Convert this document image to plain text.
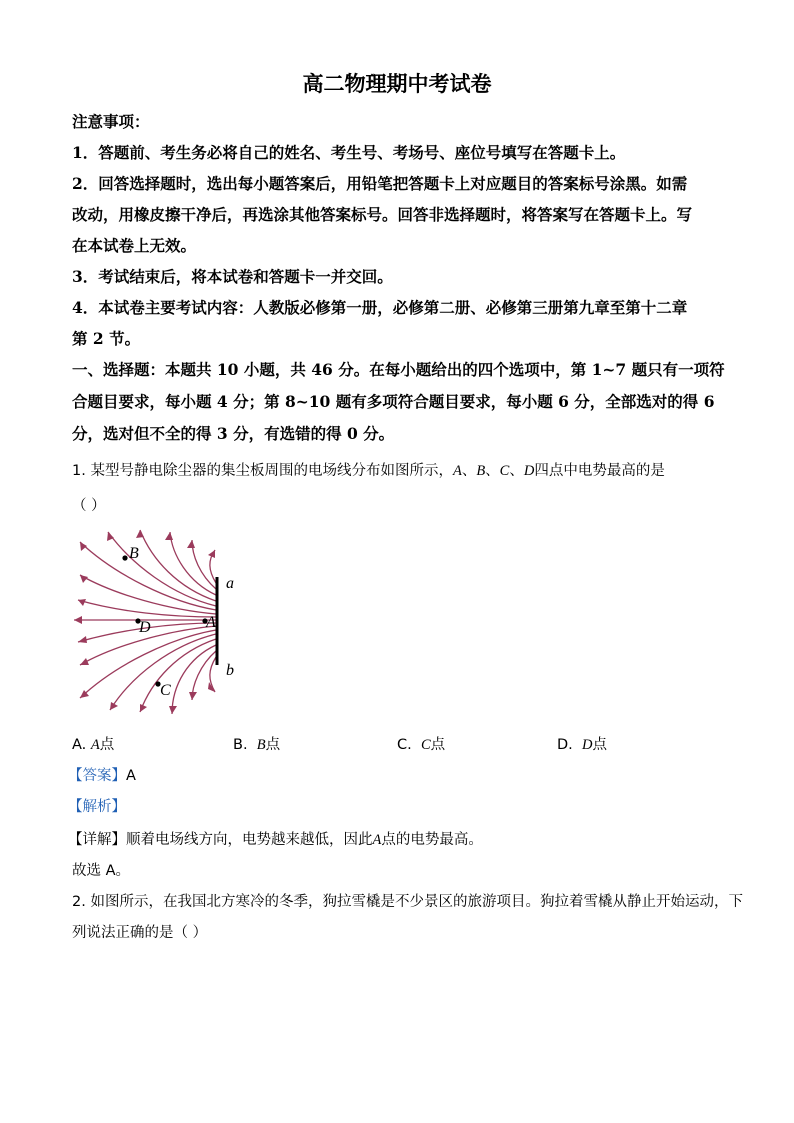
高二物理期中考试卷
注意事项：
1．答题前、考生务必将自己的姓名、考生号、考场号、座位号填写在答题卡上。
2．回答选择题时，选出每小题答案后，用铅笔把答题卡上对应题目的答案标号涂黑。如需
改动，用橡皮擦干净后，再选涂其他答案标号。回答非选择题时，将答案写在答题卡上。写
在本试卷上无效。
3．考试结束后，将本试卷和答题卡一并交回。
4．本试卷主要考试内容：人教版必修第一册，必修第二册、必修第三册第九章至第十二章
第 2 节。
一、选择题：本题共 10 小题，共 46 分。在每小题给出的四个选项中，第 1~7 题只有一项符
合题目要求，每小题 4 分；第 8~10 题有多项符合题目要求，每小题 6 分，全部选对的得 6
分，选对但不全的得 3 分，有选错的得 0 分。
1. 某型号静电除尘器的集尘板周围的电场线分布如图所示，A、B、C、D四点中电势最高的是
（ ）
B
D	A
C
a
b
A. A点	B. B点	C. C点	D. D点
【答案】A
【解析】
【详解】顺着电场线方向，电势越来越低，因此A点的电势最高。
故选 A。
2. 如图所示，在我国北方寒冷的冬季，狗拉雪橇是不少景区的旅游项目。狗拉着雪橇从静止开始运动，下
列说法正确的是（ ）
